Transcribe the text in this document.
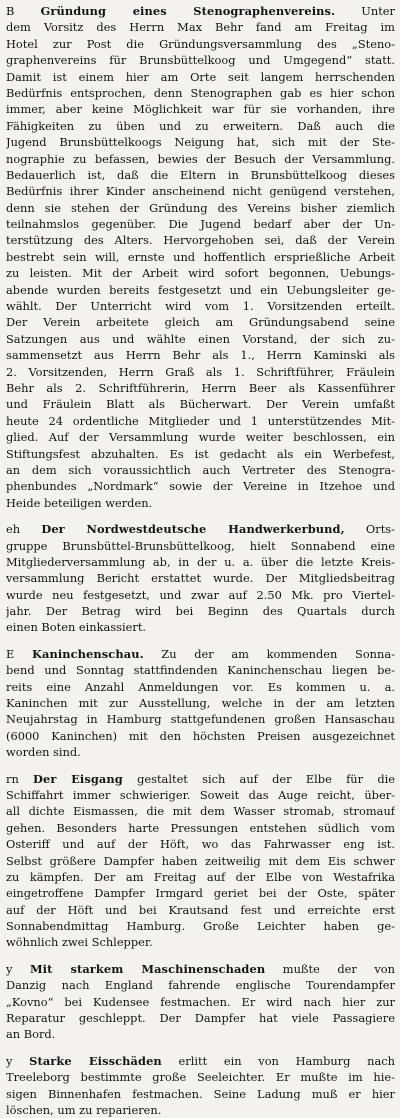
B Gründung eines Stenographenvereins. Unter
dem Vorsitz des Herrn Max Behr fand am Freitag im
Hotel zur Post die Gründungsversammlung des „Steno-
graphenvereins für Brunsbüttelkoog und Umgegend“ statt.
Damit ist einem hier am Orte seit langem herrschenden
Bedürfnis entsprochen, denn Stenographen gab es hier schon
immer, aber keine Möglichkeit war für sie vorhanden, ihre
Fähigkeiten zu üben und zu erweitern. Daß auch die
Jugend Brunsbüttelkoogs Neigung hat, sich mit der Ste-
nographie zu befassen, bewies der Besuch der Versammlung.
Bedauerlich ist, daß die Eltern in Brunsbüttelkoog dieses
Bedürfnis ihrer Kinder anscheinend nicht genügend verstehen,
denn sie stehen der Gründung des Vereins bisher ziemlich
teilnahmslos gegenüber. Die Jugend bedarf aber der Un-
terstützung des Alters. Hervorgehoben sei, daß der Verein
bestrebt sein will, ernste und hoffentlich ersprießliche Arbeit
zu leisten. Mit der Arbeit wird sofort begonnen, Uebungs-
abende wurden bereits festgesetzt und ein Uebungsleiter ge-
wählt. Der Unterricht wird vom 1. Vorsitzenden erteilt.
Der Verein arbeitete gleich am Gründungsabend seine
Satzungen aus und wählte einen Vorstand, der sich zu-
sammensetzt aus Herrn Behr als 1., Herrn Kaminski als
2. Vorsitzenden, Herrn Graß als 1. Schriftführer, Fräulein
Behr als 2. Schriftführerin, Herrn Beer als Kassenführer
und Fräulein Blatt als Bücherwart. Der Verein umfaßt
heute 24 ordentliche Mitglieder und 1 unterstützendes Mit-
glied. Auf der Versammlung wurde weiter beschlossen, ein
Stiftungsfest abzuhalten. Es ist gedacht als ein Werbefest,
an dem sich voraussichtlich auch Vertreter des Stenogra-
phenbundes „Nordmark“ sowie der Vereine in Itzehoe und
Heide beteiligen werden.
eh Der Nordwestdeutsche Handwerkerbund, Orts-
gruppe Brunsbüttel-Brunsbüttelkoog, hielt Sonnabend eine
Mitgliederversammlung ab, in der u. a. über die letzte Kreis-
versammlung Bericht erstattet wurde. Der Mitgliedsbeitrag
wurde neu festgesetzt, und zwar auf 2.50 Mk. pro Viertel-
jahr. Der Betrag wird bei Beginn des Quartals durch
einen Boten einkassiert.
E Kaninchenschau. Zu der am kommenden Sonna-
bend und Sonntag stattfindenden Kaninchenschau liegen be-
reits eine Anzahl Anmeldungen vor. Es kommen u. a.
Kaninchen mit zur Ausstellung, welche in der am letzten
Neujahrstag in Hamburg stattgefundenen großen Hansaschau
(6000 Kaninchen) mit den höchsten Preisen ausgezeichnet
worden sind.
rn Der Eisgang gestaltet sich auf der Elbe für die
Schiffahrt immer schwieriger. Soweit das Auge reicht, über-
all dichte Eismassen, die mit dem Wasser stromab, stromauf
gehen. Besonders harte Pressungen entstehen südlich vom
Osteriff und auf der Höft, wo das Fahrwasser eng ist.
Selbst größere Dampfer haben zeitweilig mit dem Eis schwer
zu kämpfen. Der am Freitag auf der Elbe von Westafrika
eingetroffene Dampfer Irmgard geriet bei der Oste, später
auf der Höft und bei Krautsand fest und erreichte erst
Sonnabendmittag Hamburg. Große Leichter haben ge-
wöhnlich zwei Schlepper.
y Mit starkem Maschinenschaden mußte der von
Danzig nach England fahrende englische Tourendampfer
„Kovno“ bei Kudensee festmachen. Er wird nach hier zur
Reparatur geschleppt. Der Dampfer hat viele Passagiere
an Bord.
y Starke Eisschäden erlitt ein von Hamburg nach
Treeleborg bestimmte große Seeleichter. Er mußte im hie-
sigen Binnenhafen festmachen. Seine Ladung muß er hier
löschen, um zu reparieren.
